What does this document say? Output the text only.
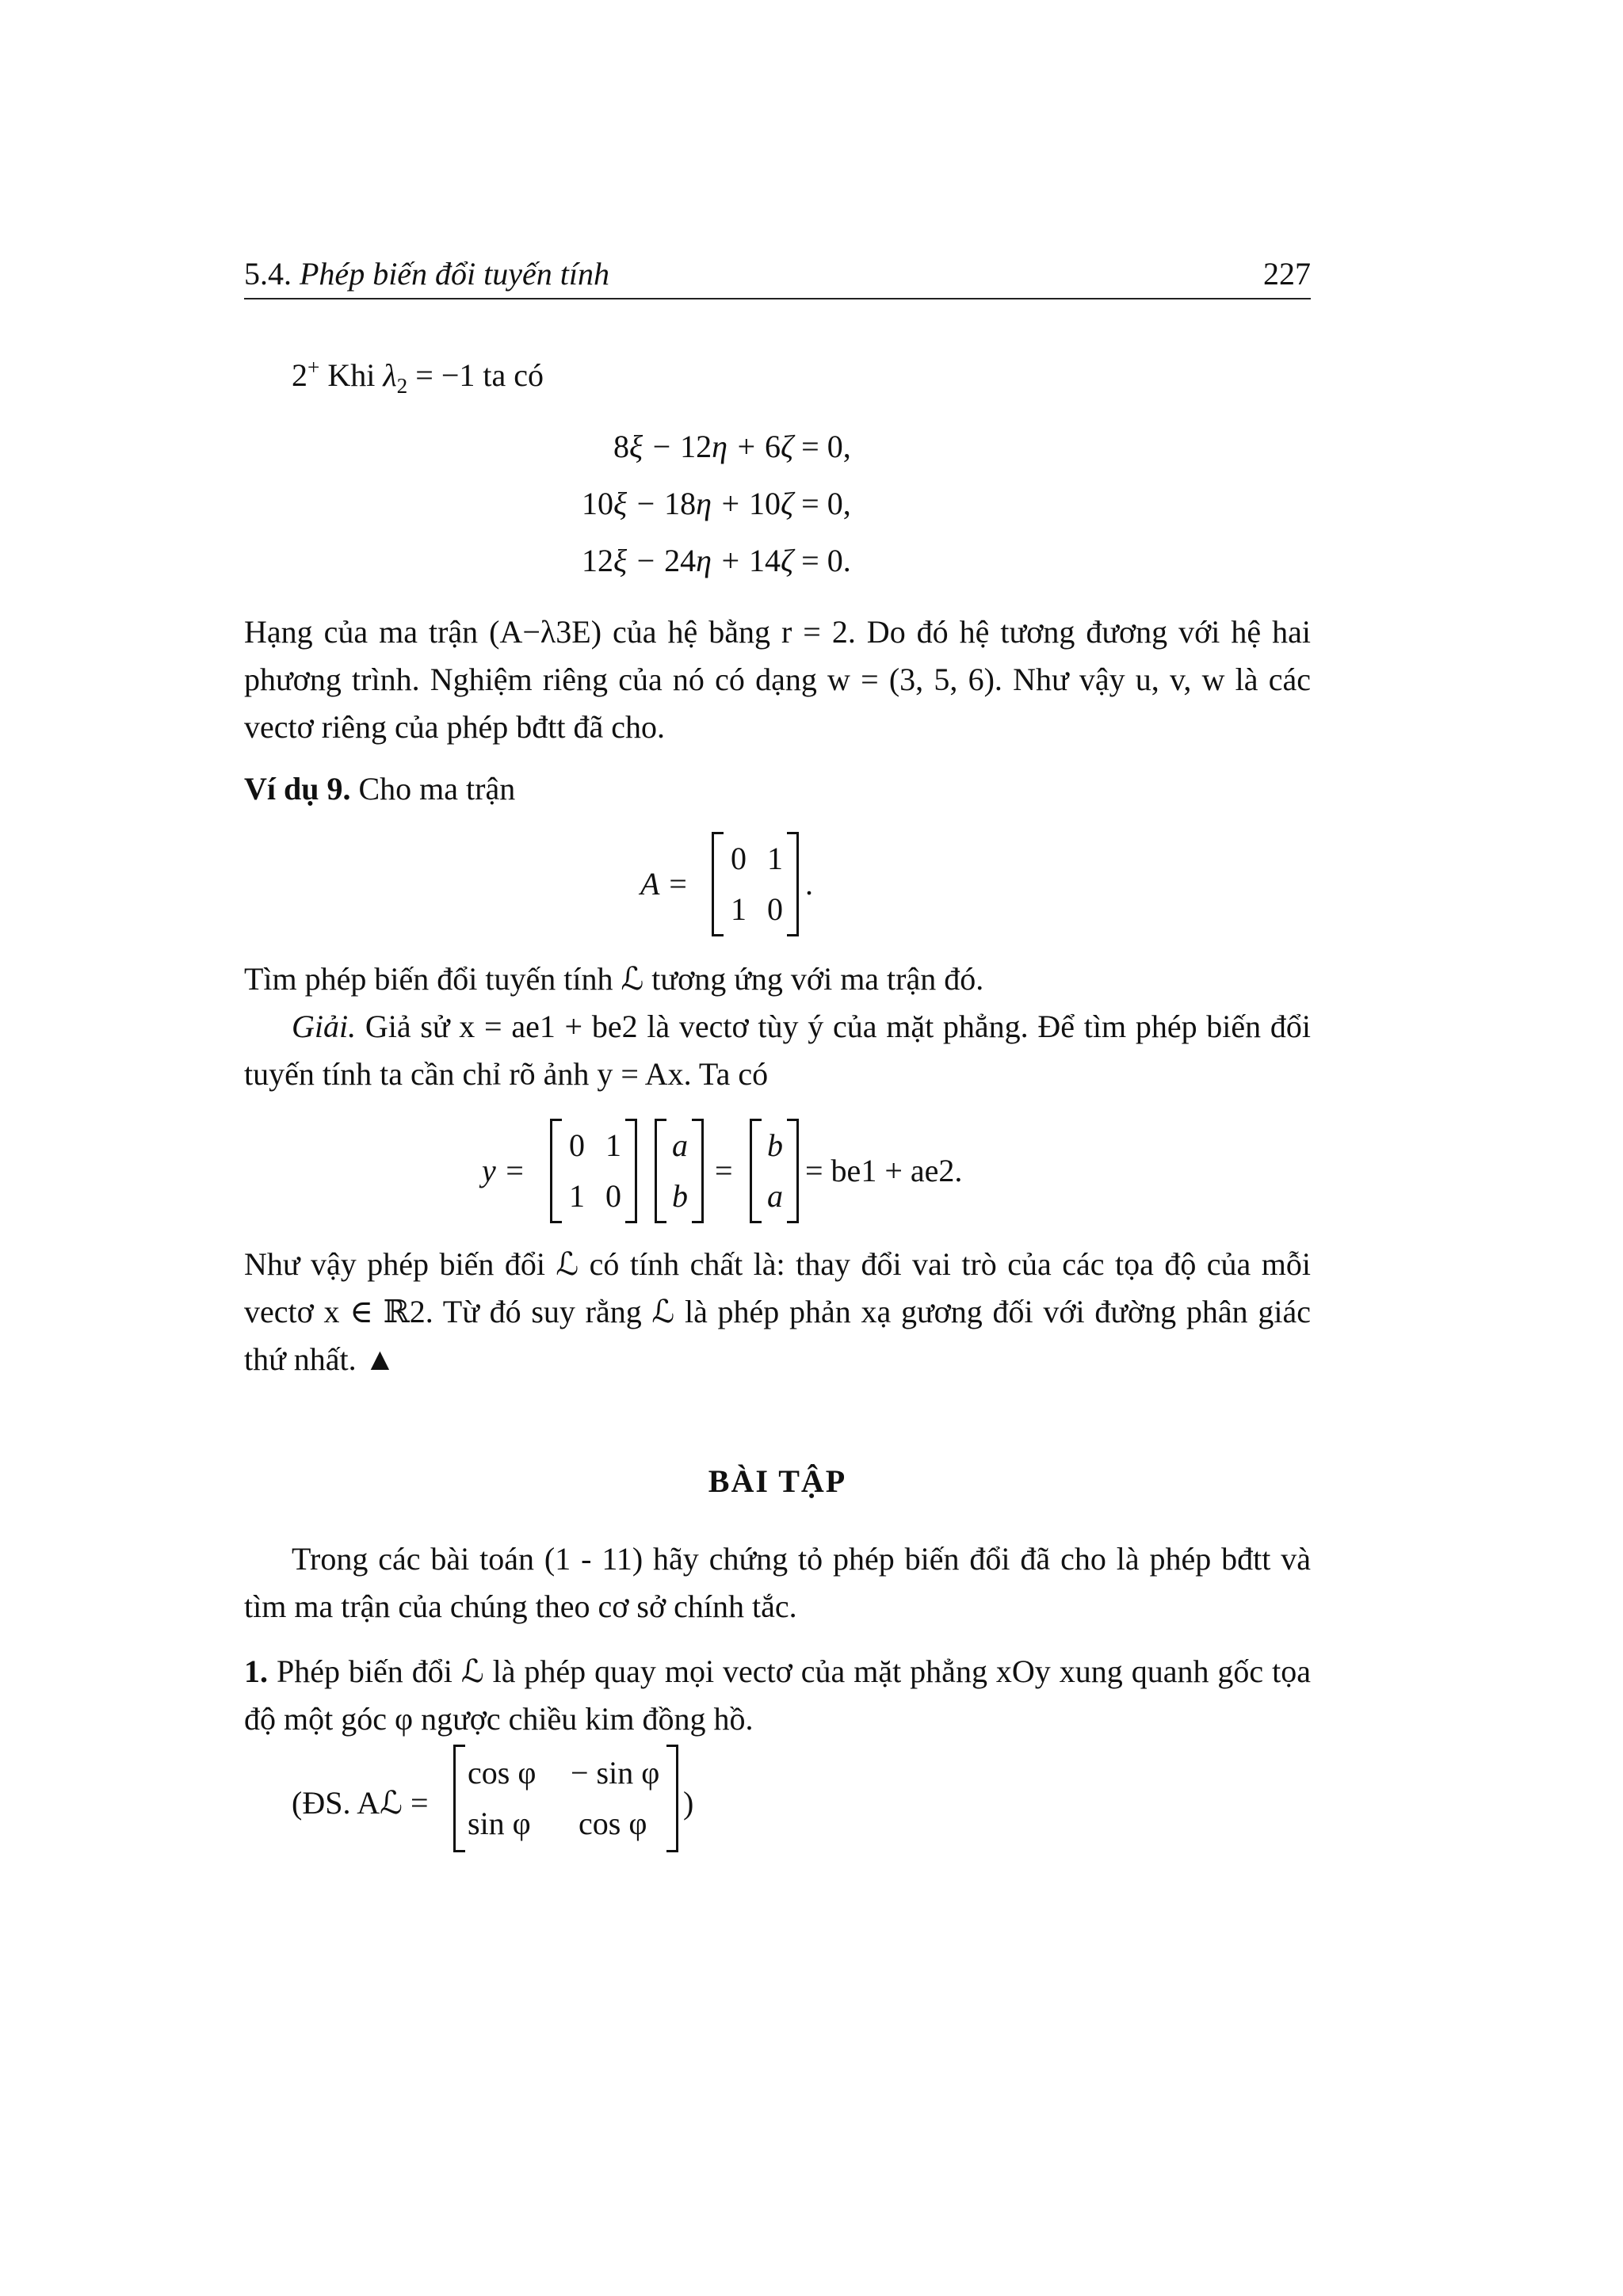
5.4. Phép biến đổi tuyến tính	227
2+ Khi $\lambda_2 = -1$ ta có
8ξ − 12η + 6ζ = 0,
10ξ − 18η + 10ζ = 0,
12ξ − 24η + 14ζ = 0.
Hạng của ma trận (A−λ3E) của hệ bằng r = 2. Do đó hệ tương đương với hệ hai phương trình. Nghiệm riêng của nó có dạng w = (3, 5, 6). Như vậy u, v, w là các vectơ riêng của phép bđtt đã cho.
Ví dụ 9. Cho ma trận
A =
0 1
1 0
.
Tìm phép biến đổi tuyến tính ℒ tương ứng với ma trận đó.
Giải. Giả sử x = ae1 + be2 là vectơ tùy ý của mặt phẳng. Để tìm phép biến đổi tuyến tính ta cần chỉ rõ ảnh y = Ax. Ta có
y =
0 1
1 0
a
b
=
b
a
= be1 + ae2.
Như vậy phép biến đổi ℒ có tính chất là: thay đổi vai trò của các tọa độ của mỗi vectơ x ∈ ℝ2. Từ đó suy rằng ℒ là phép phản xạ gương đối với đường phân giác thứ nhất. ▲
BÀI TẬP
Trong các bài toán (1 - 11) hãy chứng tỏ phép biến đổi đã cho là phép bđtt và tìm ma trận của chúng theo cơ sở chính tắc.
1. Phép biến đổi ℒ là phép quay mọi vectơ của mặt phẳng xOy xung quanh gốc tọa độ một góc φ ngược chiều kim đồng hồ.
(ĐS. Aℒ =
cos φ − sin φ
sin φ cos φ
)
